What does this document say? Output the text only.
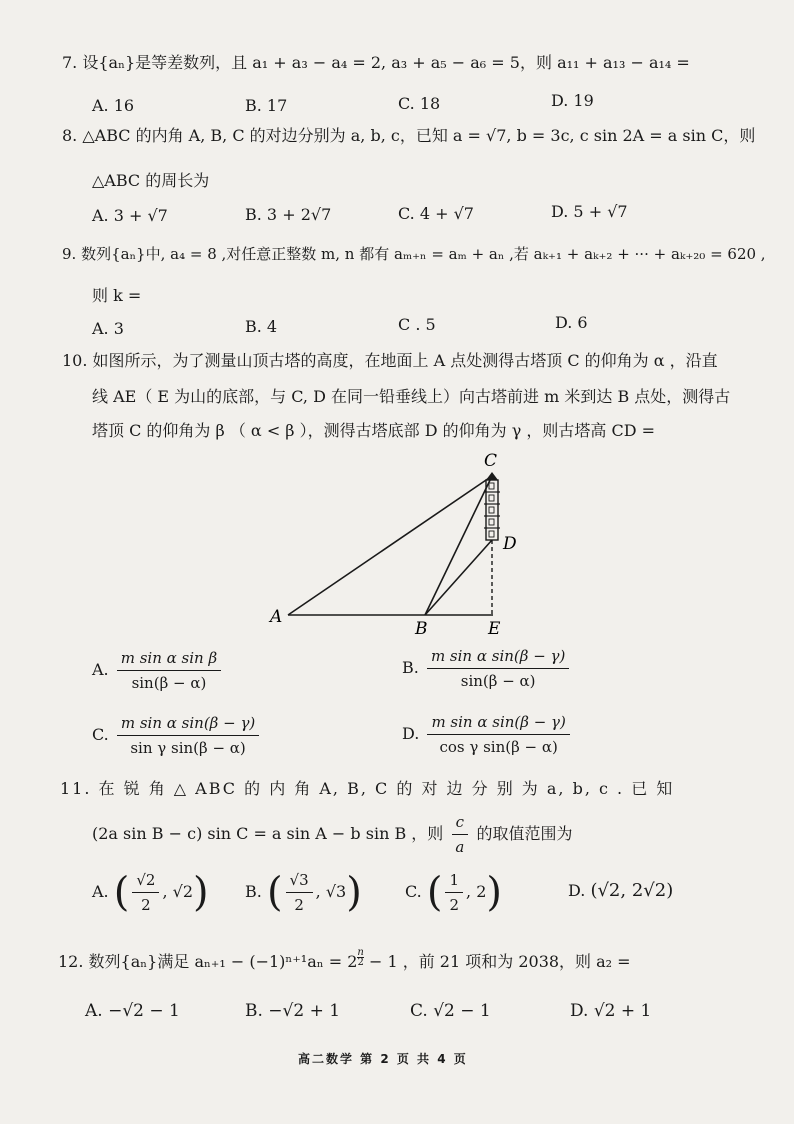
7. 设{aₙ}是等差数列，且 a₁ + a₃ − a₄ = 2, a₃ + a₅ − a₆ = 5，则 a₁₁ + a₁₃ − a₁₄ =
A. 16	B. 17	C. 18	D. 19
8. △ABC 的内角 A, B, C 的对边分别为 a, b, c，已知 a = √7, b = 3c, c sin 2A = a sin C，则
△ABC 的周长为
A. 3 + √7	B. 3 + 2√7	C. 4 + √7	D. 5 + √7
9. 数列{aₙ}中, a₄ = 8 ,对任意正整数 m, n 都有 aₘ₊ₙ = aₘ + aₙ ,若 aₖ₊₁ + aₖ₊₂ + ··· + aₖ₊₂₀ = 620 ,
则 k =
A. 3	B. 4	C . 5	D. 6
10. 如图所示，为了测量山顶古塔的高度，在地面上 A 点处测得古塔顶 C 的仰角为 α ，沿直
线 AE（ E 为山的底部，与 C, D 在同一铅垂线上）向古塔前进 m 米到达 B 点处，测得古
塔顶 C 的仰角为 β （ α < β ），测得古塔底部 D 的仰角为 γ ，则古塔高 CD =
C
D
A
B	E
A. $\frac{\text{m sin α sin β}}{\sin(\beta - \alpha)}$	B. $\frac{\text{m sin α sin(β − γ)}}{\sin(\beta - \alpha)}$
C. $\frac{\text{m sin α sin(β − γ)}}{\text{sin γ sin(β − α)}}$	D. $\frac{\text{m sin α sin(β − γ)}}{\text{cos γ sin(β − α)}}$
11. 在 锐 角 △ ABC 的 内 角 A, B, C 的 对 边 分 别 为 a, b, c . 已 知
(2a sin B − c) sin C = a sin A − b sin B ，则 $\frac{c}{a}$ 的取值范围为
A. ( $\frac{√2}{2}$ , √2) B. ( $\frac{√3}{2}$ , √3)	C. ( $\frac{1}{2}$ , 2)	D. (√2, 2√2)
12. 数列{aₙ}满足 aₙ₊₁ − (−1)ⁿ⁺¹aₙ = 2 $^{\frac{n}{2}}$ − 1 ，前 21 项和为 2038，则 a₂ =
A. −√2 − 1	B. −√2 + 1	C. √2 − 1	D. √2 + 1
高二数学 第 2 页 共 4 页
